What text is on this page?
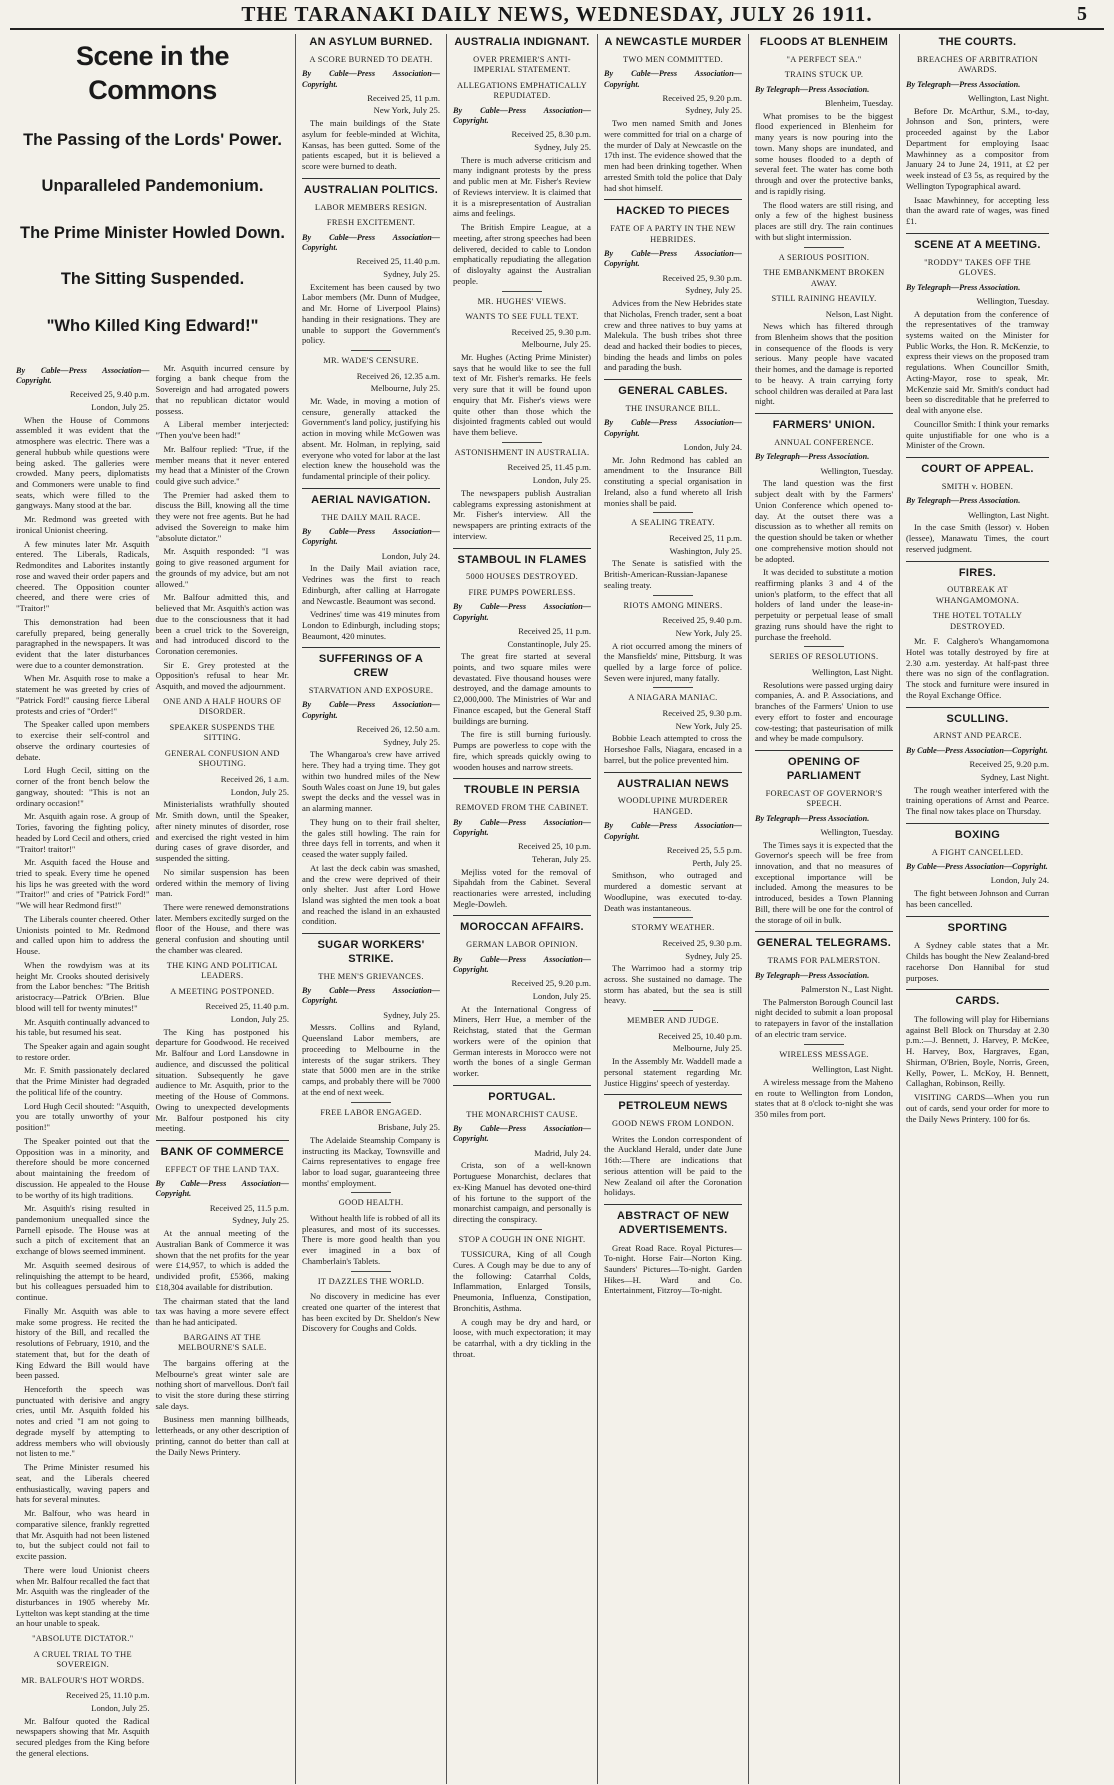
THE TARANAKI DAILY NEWS, WEDNESDAY, JULY 26 1911.	5
Scene in the Commons
The Passing of the Lords' Power.
Unparalleled Pandemonium.
The Prime Minister Howled Down.
The Sitting Suspended.
"Who Killed King Edward!"
By Cable—Press Association—Copyright.
Received 25, 9.40 p.m.
London, July 25.

When the House of Commons assembled it was evident that the atmosphere was electric. There was a general hubbub while questions were being asked. The galleries were crowded. Many peers, diplomatists and Commoners were unable to find seats, which were filled to the gangways. Many stood at the bar.

Mr. Redmond was greeted with ironical Unionist cheering.

A few minutes later Mr. Asquith entered. The Liberals, Radicals, Redmondites and Laborites instantly rose and waved their order papers and cheered. The Opposition counter cheered, and there were cries of "Traitor!"

This demonstration had been carefully prepared, being generally paragraphed in the newspapers. It was evident that the later disturbances were due to a counter demonstration.

When Mr. Asquith rose to make a statement he was greeted by cries of "Patrick Ford!" causing fierce Liberal protests and cries of "Order!"

The Speaker called upon members to exercise their self-control and observe the ordinary courtesies of debate.

Lord Hugh Cecil, sitting on the corner of the front bench below the gangway, shouted: "This is not an ordinary occasion!"

Mr. Asquith again rose. A group of Tories, favoring the fighting policy, headed by Lord Cecil and others, cried "Traitor! traitor!"

Mr. Asquith faced the House and tried to speak. Every time he opened his lips he was greeted with the word "Traitor!" and cries of "Patrick Ford!" "We will hear Redmond first!"

The Liberals counter cheered. Other Unionists pointed to Mr. Redmond and called upon him to address the House.

When the rowdyism was at its height Mr. Crooks shouted derisively from the Labor benches: "The British aristocracy—Patrick O'Brien. Blue blood will tell for twenty minutes!"

Mr. Asquith continually advanced to his table, but resumed his seat.

The Speaker again and again sought to restore order.

Mr. F. Smith passionately declared that the Prime Minister had degraded the political life of the country.

Lord Hugh Cecil shouted: "Asquith, you are totally unworthy of your position!"

The Speaker pointed out that the Opposition was in a minority, and therefore should be more concerned about maintaining the freedom of discussion. He appealed to the House to be worthy of its high traditions.

Mr. Asquith's rising resulted in pandemonium unequalled since the Parnell episode. The House was at such a pitch of excitement that an exchange of blows seemed imminent.

Mr. Asquith seemed desirous of relinquishing the attempt to be heard, but his colleagues persuaded him to continue.

Finally Mr. Asquith was able to make some progress. He recited the history of the Bill, and recalled the resolutions of February, 1910, and the statement that, but for the death of King Edward the Bill would have been passed.

Henceforth the speech was punctuated with derisive and angry cries, until Mr. Asquith folded his notes and cried "I am not going to degrade myself by attempting to address members who will obviously not listen to me."

The Prime Minister resumed his seat, and the Liberals cheered enthusiastically, waving papers and hats for several minutes.

Mr. Balfour, who was heard in comparative silence, frankly regretted that Mr. Asquith had not been listened to, but the subject could not fail to excite passion.

There were loud Unionist cheers when Mr. Balfour recalled the fact that Mr. Asquith was the ringleader of the disturbances in 1905 whereby Mr. Lyttelton was kept standing at the time an hour unable to speak.

"ABSOLUTE DICTATOR."
A CRUEL TRIAL TO THE SOVEREIGN.
MR. BALFOUR'S HOT WORDS.
Received 25, 11.10 p.m.
London, July 25.

Mr. Balfour quoted the Radical newspapers showing that Mr. Asquith secured pledges from the King before the general elections.

Mr. Asquith incurred censure by forging a bank cheque from the Sovereign and had arrogated powers that no republican dictator would possess.

A Liberal member interjected: "Then you've been had!"

Mr. Balfour replied: "True, if the member means that it never entered my head that a Minister of the Crown could give such advice."

The Premier had asked them to discuss the Bill, knowing all the time they were not free agents. But he had advised the Sovereign to make him "absolute dictator."

Mr. Asquith responded: "I was going to give reasoned argument for the grounds of my advice, but am not allowed."

Mr. Balfour admitted this, and believed that Mr. Asquith's action was due to the consciousness that it had been a cruel trick to the Sovereign, and had introduced discord to the Coronation ceremonies.

Sir E. Grey protested at the Opposition's refusal to hear Mr. Asquith, and moved the adjournment.

ONE AND A HALF HOURS OF DISORDER.
SPEAKER SUSPENDS THE SITTING.
GENERAL CONFUSION AND SHOUTING.
Received 26, 1 a.m.
London, July 25.

Ministerialists wrathfully shouted Mr. Smith down, until the Speaker, after ninety minutes of disorder, rose and exercised the right vested in him during cases of grave disorder, and suspended the sitting.

No similar suspension has been ordered within the memory of living man.

There were renewed demonstrations later. Members excitedly surged on the floor of the House, and there was general confusion and shouting until the chamber was cleared.

THE KING AND POLITICAL LEADERS.
A MEETING POSTPONED.
Received 25, 11.40 p.m.
London, July 25.

The King has postponed his departure for Goodwood. He received Mr. Balfour and Lord Lansdowne in audience, and discussed the political situation. Subsequently he gave audience to Mr. Asquith, prior to the meeting of the House of Commons. Owing to unexpected developments Mr. Balfour postponed his city meeting.

BANK OF COMMERCE
EFFECT OF THE LAND TAX.
By Cable—Press Association—Copyright.
Received 25, 11.5 p.m.
Sydney, July 25.

At the annual meeting of the Australian Bank of Commerce it was shown that the net profits for the year were £14,957, to which is added the undivided profit, £5366, making £18,304 available for distribution.

The chairman stated that the land tax was having a more severe effect than he had anticipated.

BARGAINS AT THE MELBOURNE'S SALE.

The bargains offering at the Melbourne's great winter sale are nothing short of marvellous. Don't fail to visit the store during these stirring sale days.

Business men manning billheads, letterheads, or any other description of printing, cannot do better than call at the Daily News Printery.

AN ASYLUM BURNED.
A SCORE BURNED TO DEATH.
By Cable—Press Association—Copyright.
Received 25, 11 p.m.
New York, July 25.

The main buildings of the State asylum for feeble-minded at Wichita, Kansas, has been gutted. Some of the patients escaped, but it is believed a score were burned to death.

AUSTRALIAN POLITICS.
LABOR MEMBERS RESIGN.
FRESH EXCITEMENT.
By Cable—Press Association—Copyright.
Received 25, 11.40 p.m.
Sydney, July 25.

Excitement has been caused by two Labor members (Mr. Dunn of Mudgee, and Mr. Horne of Liverpool Plains) handing in their resignations. They are unable to support the Government's policy.

MR. WADE'S CENSURE.
Received 26, 12.35 a.m.
Melbourne, July 25.

Mr. Wade, in moving a motion of censure, generally attacked the Government's land policy, justifying his action in moving while McGowen was absent. Mr. Holman, in replying, said everyone who voted for labor at the last election knew the household was the fundamental principle of their policy.

AERIAL NAVIGATION.
THE DAILY MAIL RACE.
By Cable—Press Association—Copyright.
London, July 24.

In the Daily Mail aviation race, Vedrines was the first to reach Edinburgh, after calling at Harrogate and Newcastle. Beaumont was second.

Vedrines' time was 419 minutes from London to Edinburgh, including stops; Beaumont, 420 minutes.

SUFFERINGS OF A CREW
STARVATION AND EXPOSURE.
By Cable—Press Association—Copyright.
Received 26, 12.50 a.m.
Sydney, July 25.

The Whangaroa's crew have arrived here. They had a trying time. They got within two hundred miles of the New South Wales coast on June 19, but gales swept the decks and the vessel was in an alarming manner.

They hung on to their frail shelter, the gales still howling. The rain for three days fell in torrents, and when it ceased the water supply failed.

At last the deck cabin was smashed, and the crew were deprived of their only shelter. Just after Lord Howe Island was sighted the men took a boat and reached the island in an exhausted condition.

SUGAR WORKERS' STRIKE.
THE MEN'S GRIEVANCES.
By Cable—Press Association—Copyright.
Sydney, July 25.

Messrs. Collins and Ryland, Queensland Labor members, are proceeding to Melbourne in the interests of the sugar strikers. They state that 5000 men are in the strike camps, and probably there will be 7000 at the end of next week.

FREE LABOR ENGAGED.
Brisbane, July 25.

The Adelaide Steamship Company is instructing its Mackay, Townsville and Cairns representatives to engage free labor to load sugar, guaranteeing three months' employment.

GOOD HEALTH.

Without health life is robbed of all its pleasures, and most of its successes. There is more good health than you ever imagined in a box of Chamberlain's Tablets.

IT DAZZLES THE WORLD.

No discovery in medicine has ever created one quarter of the interest that has been excited by Dr. Sheldon's New Discovery for Coughs and Colds.

AUSTRALIA INDIGNANT.
OVER PREMIER'S ANTI-IMPERIAL STATEMENT.
ALLEGATIONS EMPHATICALLY REPUDIATED.
By Cable—Press Association—Copyright.
Received 25, 8.30 p.m.
Sydney, July 25.

There is much adverse criticism and many indignant protests by the press and public men at Mr. Fisher's Review of Reviews interview. It is claimed that it is a misrepresentation of Australian aims and feelings.

The British Empire League, at a meeting, after strong speeches had been delivered, decided to cable to London emphatically repudiating the allegation of disloyalty against the Australian people.

MR. HUGHES' VIEWS.
WANTS TO SEE FULL TEXT.
Received 25, 9.30 p.m.
Melbourne, July 25.

Mr. Hughes (Acting Prime Minister) says that he would like to see the full text of Mr. Fisher's remarks. He feels very sure that it will be found upon enquiry that Mr. Fisher's views were quite other than those which the disjointed fragments cabled out would have them believe.

ASTONISHMENT IN AUSTRALIA.
Received 25, 11.45 p.m.
London, July 25.

The newspapers publish Australian cablegrams expressing astonishment at Mr. Fisher's interview. All the newspapers are printing extracts of the interview.

STAMBOUL IN FLAMES
5000 HOUSES DESTROYED.
FIRE PUMPS POWERLESS.
By Cable—Press Association—Copyright.
Received 25, 11 p.m.
Constantinople, July 25.

The great fire started at several points, and two square miles were devastated. Five thousand houses were destroyed, and the damage amounts to £2,000,000. The Ministries of War and Finance escaped, but the General Staff buildings are burning.

The fire is still burning furiously. Pumps are powerless to cope with the fire, which spreads quickly owing to wooden houses and narrow streets.

TROUBLE IN PERSIA
REMOVED FROM THE CABINET.
By Cable—Press Association—Copyright.
Received 25, 10 p.m.
Teheran, July 25.

Mejliss voted for the removal of Sipahdah from the Cabinet. Several reactionaries were arrested, including Megle-Dowleh.

MOROCCAN AFFAIRS.
GERMAN LABOR OPINION.
By Cable—Press Association—Copyright.
Received 25, 9.20 p.m.
London, July 25.

At the International Congress of Miners, Herr Hue, a member of the Reichstag, stated that the German workers were of the opinion that German interests in Morocco were not worth the bones of a single German worker.

PORTUGAL.
THE MONARCHIST CAUSE.
By Cable—Press Association—Copyright.
Madrid, July 24.

Crista, son of a well-known Portuguese Monarchist, declares that ex-King Manuel has devoted one-third of his fortune to the support of the monarchist campaign, and personally is directing the conspiracy.

STOP A COUGH IN ONE NIGHT.

TUSSICURA, King of all Cough Cures. A Cough may be due to any of the following: Catarrhal Colds, Inflammation, Enlarged Tonsils, Pneumonia, Influenza, Constipation, Bronchitis, Asthma.

A cough may be dry and hard, or loose, with much expectoration; it may be catarrhal, with a dry tickling in the throat.

A NEWCASTLE MURDER
TWO MEN COMMITTED.
By Cable—Press Association—Copyright.
Received 25, 9.20 p.m.
Sydney, July 25.

Two men named Smith and Jones were committed for trial on a charge of the murder of Daly at Newcastle on the 17th inst. The evidence showed that the men had been drinking together. When arrested Smith told the police that Daly had shot himself.

HACKED TO PIECES
FATE OF A PARTY IN THE NEW HEBRIDES.
By Cable—Press Association—Copyright.
Received 25, 9.30 p.m.
Sydney, July 25.

Advices from the New Hebrides state that Nicholas, French trader, sent a boat crew and three natives to buy yams at Malekula. The bush tribes shot three dead and hacked their bodies to pieces, binding the heads and limbs on poles and parading the bush.

GENERAL CABLES.
THE INSURANCE BILL.
By Cable—Press Association—Copyright.
London, July 24.

Mr. John Redmond has cabled an amendment to the Insurance Bill constituting a special organisation in Ireland, also a fund whereto all Irish monies shall be paid.

A SEALING TREATY.
Received 25, 11 p.m.
Washington, July 25.

The Senate is satisfied with the British-American-Russian-Japanese sealing treaty.

RIOTS AMONG MINERS.
Received 25, 9.40 p.m.
New York, July 25.

A riot occurred among the miners of the Mansfields' mine, Pittsburg. It was quelled by a large force of police. Seven were injured, many fatally.

A NIAGARA MANIAC.
Received 25, 9.30 p.m.
New York, July 25.

Bobbie Leach attempted to cross the Horseshoe Falls, Niagara, encased in a barrel, but the police prevented him.

AUSTRALIAN NEWS
WOODLUPINE MURDERER HANGED.
By Cable—Press Association—Copyright.
Received 25, 5.5 p.m.
Perth, July 25.

Smithson, who outraged and murdered a domestic servant at Woodlupine, was executed to-day. Death was instantaneous.

STORMY WEATHER.
Received 25, 9.30 p.m.
Sydney, July 25.

The Warrimoo had a stormy trip across. She sustained no damage. The storm has abated, but the sea is still heavy.

MEMBER AND JUDGE.
Received 25, 10.40 p.m.
Melbourne, July 25.

In the Assembly Mr. Waddell made a personal statement regarding Mr. Justice Higgins' speech of yesterday.

PETROLEUM NEWS
GOOD NEWS FROM LONDON.

Writes the London correspondent of the Auckland Herald, under date June 16th:—There are indications that serious attention will be paid to the New Zealand oil after the Coronation holidays.

ABSTRACT OF NEW ADVERTISEMENTS.

Great Road Race. Royal Pictures—To-night. Horse Fair—Norton King. Saunders' Pictures—To-night. Garden Hikes—H. Ward and Co. Entertainment, Fitzroy—To-night.

FLOODS AT BLENHEIM
"A PERFECT SEA."
TRAINS STUCK UP.
By Telegraph—Press Association.
Blenheim, Tuesday.

What promises to be the biggest flood experienced in Blenheim for many years is now pouring into the town. Many shops are inundated, and some houses flooded to a depth of several feet. The water has come both through and over the protective banks, and is rapidly rising.

The flood waters are still rising, and only a few of the highest business places are still dry. The rain continues with but slight intermission.

A SERIOUS POSITION.
THE EMBANKMENT BROKEN AWAY.
STILL RAINING HEAVILY.
Nelson, Last Night.

News which has filtered through from Blenheim shows that the position in consequence of the floods is very serious. Many people have vacated their homes, and the damage is reported to be heavy. A train carrying forty school children was derailed at Para last night.

FARMERS' UNION.
ANNUAL CONFERENCE.
By Telegraph—Press Association.
Wellington, Tuesday.

The land question was the first subject dealt with by the Farmers' Union Conference which opened to-day. At the outset there was a discussion as to whether all remits on the question should be taken or whether one comprehensive motion should not be adopted.

It was decided to substitute a motion reaffirming planks 3 and 4 of the union's platform, to the effect that all holders of land under the lease-in-perpetuity or perpetual lease of small grazing runs should have the right to purchase the freehold.

SERIES OF RESOLUTIONS.
Wellington, Last Night.

Resolutions were passed urging dairy companies, A. and P. Associations, and branches of the Farmers' Union to use every effort to foster and encourage cow-testing; that pasteurisation of milk and whey be made compulsory.

OPENING OF PARLIAMENT
FORECAST OF GOVERNOR'S SPEECH.
By Telegraph—Press Association.
Wellington, Tuesday.

The Times says it is expected that the Governor's speech will be free from innovation, and that no measures of exceptional importance will be included. Among the measures to be introduced, besides a Town Planning Bill, there will be one for the control of the storage of oil in bulk.

GENERAL TELEGRAMS.
TRAMS FOR PALMERSTON.
By Telegraph—Press Association.
Palmerston N., Last Night.

The Palmerston Borough Council last night decided to submit a loan proposal to ratepayers in favor of the installation of an electric tram service.

WIRELESS MESSAGE.
Wellington, Last Night.

A wireless message from the Maheno en route to Wellington from London, states that at 8 o'clock to-night she was 350 miles from port.

THE COURTS.
BREACHES OF ARBITRATION AWARDS.
By Telegraph—Press Association.
Wellington, Last Night.

Before Dr. McArthur, S.M., to-day, Johnson and Son, printers, were proceeded against by the Labor Department for employing Isaac Mawhinney as a compositor from January 24 to June 24, 1911, at £2 per week instead of £3 5s, as required by the Wellington Typographical award.

Isaac Mawhinney, for accepting less than the award rate of wages, was fined £1.

SCENE AT A MEETING.
"RODDY" TAKES OFF THE GLOVES.
By Telegraph—Press Association.
Wellington, Tuesday.

A deputation from the conference of the representatives of the tramway systems waited on the Minister for Public Works, the Hon. R. McKenzie, to express their views on the proposed tram regulations. When Councillor Smith, Acting-Mayor, rose to speak, Mr. McKenzie said Mr. Smith's conduct had been so discreditable that he preferred to deal with anyone else.

Councillor Smith: I think your remarks quite unjustifiable for one who is a Minister of the Crown.

COURT OF APPEAL.
SMITH v. HOBEN.
By Telegraph—Press Association.
Wellington, Last Night.

In the case Smith (lessor) v. Hoben (lessee), Manawatu Times, the court reserved judgment.

FIRES.
OUTBREAK AT WHANGAMOMONA.
THE HOTEL TOTALLY DESTROYED.

Mr. F. Calghero's Whangamomona Hotel was totally destroyed by fire at 2.30 a.m. yesterday. At half-past three there was no sign of the conflagration. The stock and furniture were insured in the Royal Exchange Office.

SCULLING.
ARNST AND PEARCE.
By Cable—Press Association—Copyright.
Received 25, 9.20 p.m.
Sydney, Last Night.

The rough weather interfered with the training operations of Arnst and Pearce. The final now takes place on Thursday.

BOXING
A FIGHT CANCELLED.
By Cable—Press Association—Copyright.
London, July 24.

The fight between Johnson and Curran has been cancelled.

SPORTING

A Sydney cable states that a Mr. Childs has bought the New Zealand-bred racehorse Don Hannibal for stud purposes.

CARDS.

The following will play for Hibernians against Bell Block on Thursday at 2.30 p.m.:—J. Bennett, J. Harvey, P. McKee, H. Harvey, Box, Hargraves, Egan, Shirman, O'Brien, Boyle, Norris, Green, Kelly, Power, L. McKoy, H. Bennett, Callaghan, Robinson, Reilly.

VISITING CARDS—When you run out of cards, send your order for more to the Daily News Printery. 100 for 6s.
